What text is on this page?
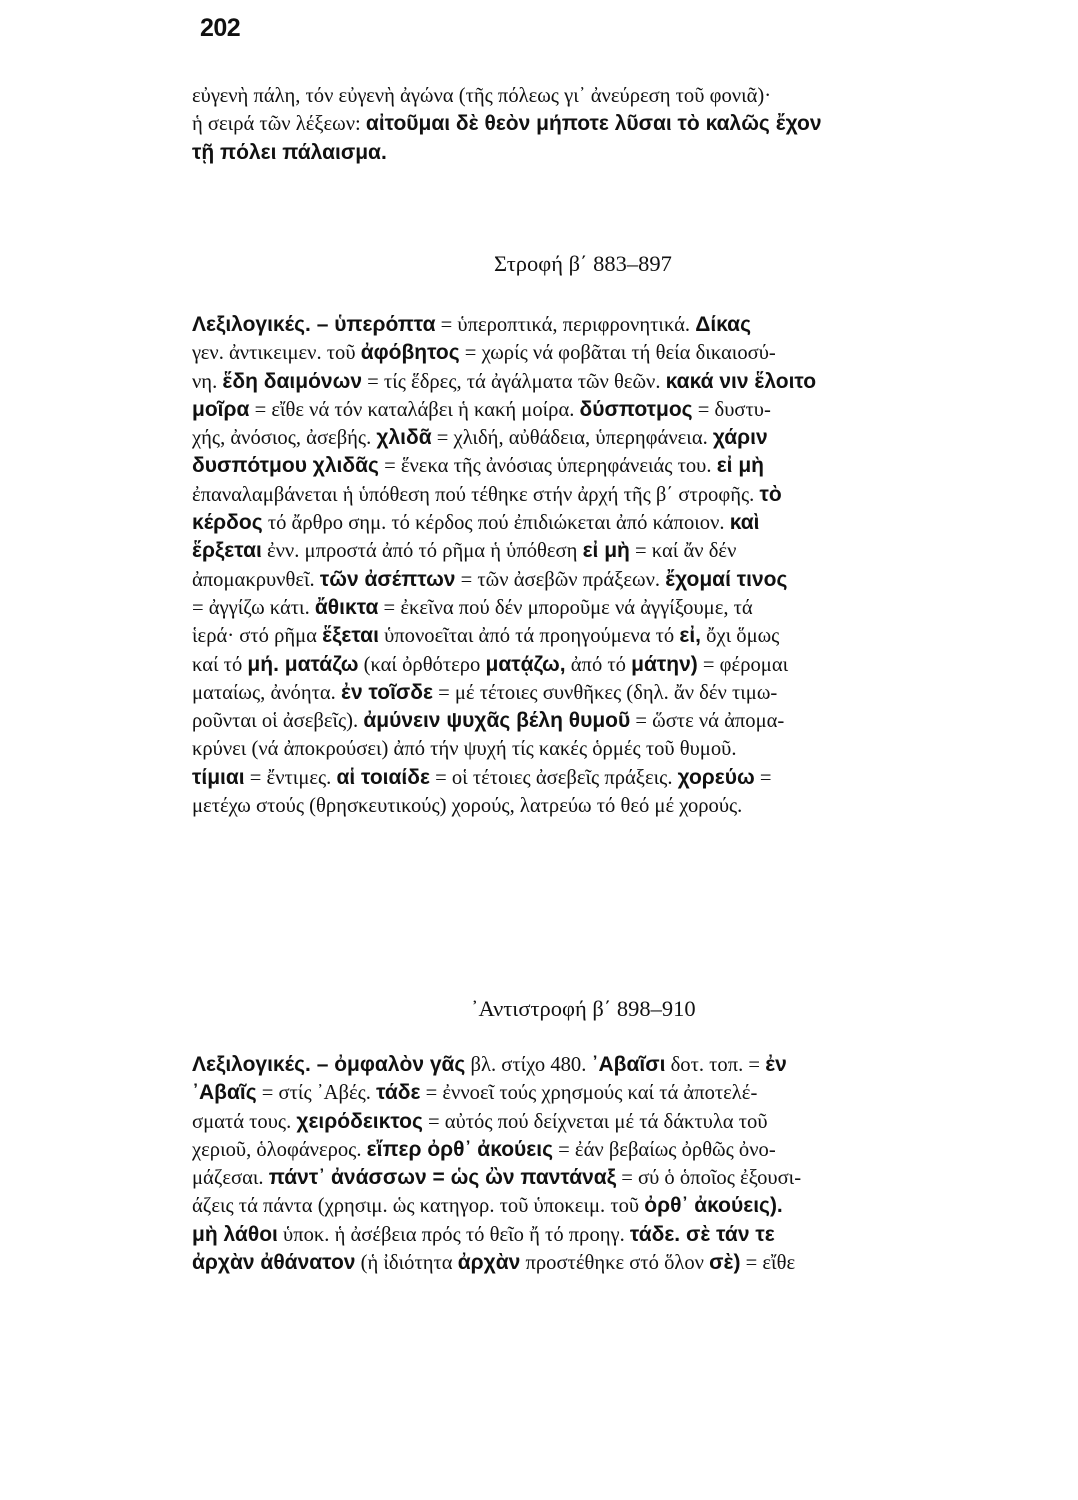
202
εὐγενὴ πάλη, τόν εὐγενὴ ἀγώνα (τῆς πόλεως γι᾽ ἀνεύρεση τοῦ φονιᾶ)·
ἡ σειρά τῶν λέξεων: αἰτοῦμαι δὲ θεὸν μήποτε λῦσαι τὸ καλῶς ἔχον
τῇ πόλει πάλαισμα.
Στροφή β΄ 883–897
Λεξιλογικές. – ὑπερόπτα = ὑπεροπτικά, περιφρονητικά. Δίκας
γεν. ἀντικειμεν. τοῦ ἀφόβητος = χωρίς νά φοβᾶται τή θεία δικαιοσύ-
νη. ἕδη δαιμόνων = τίς ἕδρες, τά ἀγάλματα τῶν θεῶν. κακά νιν ἕλοιτο
μοῖρα = εἴθε νά τόν καταλάβει ἡ κακή μοίρα. δύσποτμος = δυστυ-
χής, ἀνόσιος, ἀσεβής. χλιδᾶ = χλιδή, αὐθάδεια, ὑπερηφάνεια. χάριν
δυσπότμου χλιδᾶς = ἕνεκα τῆς ἀνόσιας ὑπερηφάνειάς του. εἰ μὴ
ἐπαναλαμβάνεται ἡ ὑπόθεση πού τέθηκε στήν ἀρχή τῆς β΄ στροφῆς. τὸ
κέρδος τό ἄρθρο σημ. τό κέρδος πού ἐπιδιώκεται ἀπό κάποιον. καὶ
ἕρξεται ἐνν. μπροστά ἀπό τό ρῆμα ἡ ὑπόθεση εἰ μὴ = καί ἄν δέν
ἀπομακρυνθεῖ. τῶν ἀσέπτων = τῶν ἀσεβῶν πράξεων. ἔχομαί τινος
= ἀγγίζω κάτι. ἄθικτα = ἐκεῖνα πού δέν μποροῦμε νά ἀγγίξουμε, τά
ἱερά· στό ρῆμα ἕξεται ὑπονοεῖται ἀπό τά προηγούμενα τό εἰ, ὄχι ὅμως
καί τό μή. ματάζω (καί ὀρθότερο ματᾴζω, ἀπό τό μάτην) = φέρομαι
ματαίως, ἀνόητα. ἐν τοῖσδε = μέ τέτοιες συνθῆκες (δηλ. ἄν δέν τιμω-
ροῦνται οἱ ἀσεβεῖς). ἀμύνειν ψυχᾶς βέλη θυμοῦ = ὥστε νά ἀπομα-
κρύνει (νά ἀποκρούσει) ἀπό τήν ψυχή τίς κακές ὁρμές τοῦ θυμοῦ.
τίμιαι = ἔντιμες. αἱ τοιαίδε = οἱ τέτοιες ἀσεβεῖς πράξεις. χορεύω =
μετέχω στούς (θρησκευτικούς) χορούς, λατρεύω τό θεό μέ χορούς.
᾽Αντιστροφή β΄ 898–910
Λεξιλογικές. – ὀμφαλὸν γᾶς βλ. στίχο 480. ᾽Αβαῖσι δοτ. τοπ. = ἐν
᾽Αβαῖς = στίς ᾽Αβές. τάδε = ἐννοεῖ τούς χρησμούς καί τά ἀποτελέ-
σματά τους. χειρόδεικτος = αὐτός πού δείχνεται μέ τά δάκτυλα τοῦ
χεριοῦ, ὁλοφάνερος. εἴπερ ὀρθ᾽ ἀκούεις = ἐάν βεβαίως ὀρθῶς ὀνο-
μάζεσαι. πάντ᾽ ἀνάσσων = ὡς ὢν παντάναξ = σύ ὁ ὁποῖος ἐξουσι-
άζεις τά πάντα (χρησιμ. ὡς κατηγορ. τοῦ ὑποκειμ. τοῦ ὀρθ᾽ ἀκούεις).
μὴ λάθοι ὑποκ. ἡ ἀσέβεια πρός τό θεῖο ἤ τό προηγ. τάδε. σὲ τάν τε
ἀρχὰν ἀθάνατον (ἡ ἰδιότητα ἀρχὰν προστέθηκε στό ὅλον σὲ) = εἴθε
